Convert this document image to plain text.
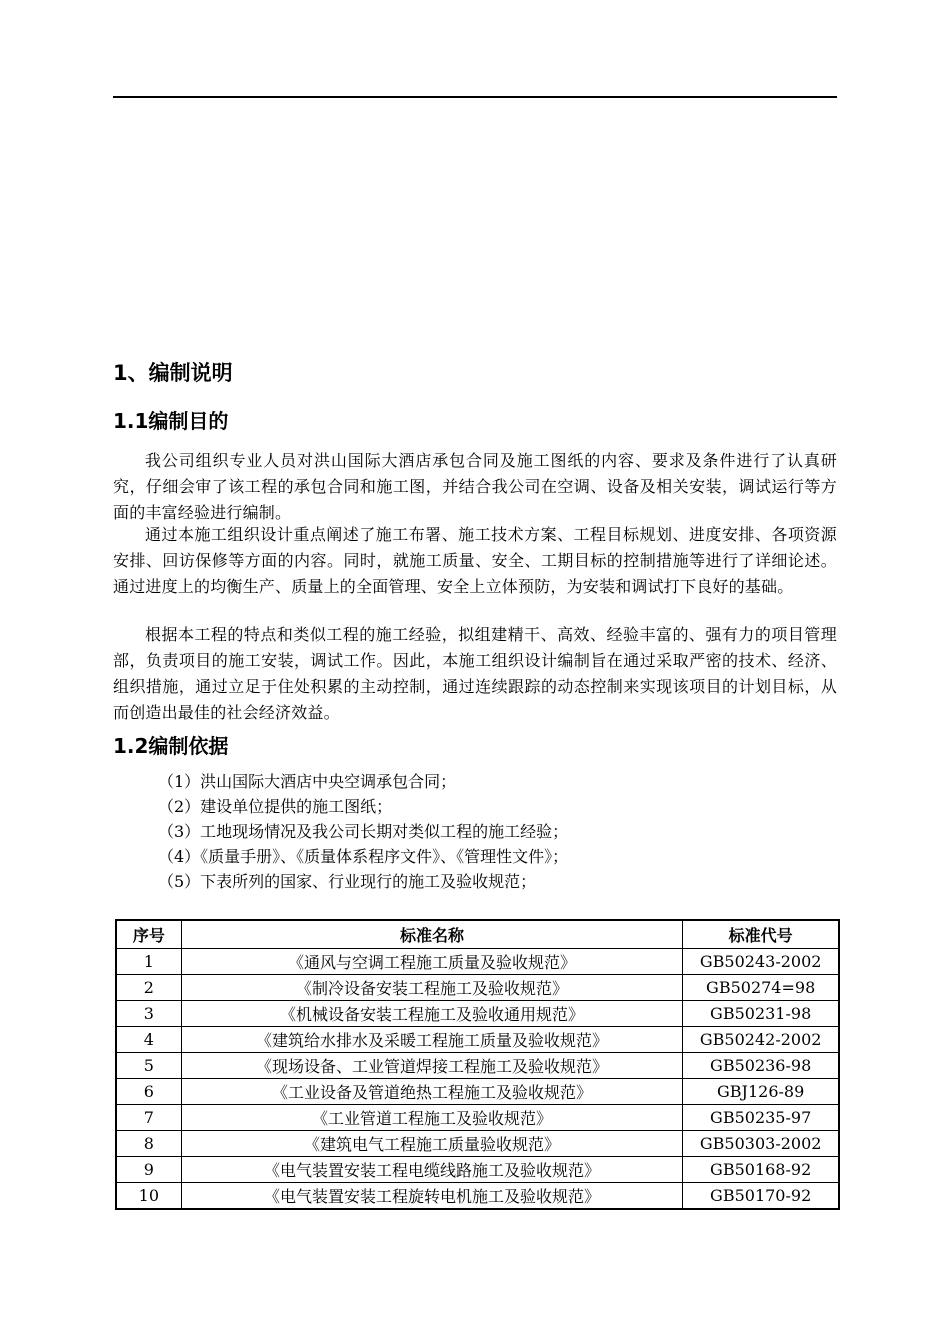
1、编制说明
1.1编制目的

我公司组织专业人员对洪山国际大酒店承包合同及施工图纸的内容、要求及条件进行了认真研究，仔细会审了该工程的承包合同和施工图，并结合我公司在空调、设备及相关安装，调试运行等方面的丰富经验进行编制。

通过本施工组织设计重点阐述了施工布署、施工技术方案、工程目标规划、进度安排、各项资源安排、回访保修等方面的内容。同时，就施工质量、安全、工期目标的控制措施等进行了详细论述。通过进度上的均衡生产、质量上的全面管理、安全上立体预防，为安装和调试打下良好的基础。

根据本工程的特点和类似工程的施工经验，拟组建精干、高效、经验丰富的、强有力的项目管理部，负责项目的施工安装，调试工作。因此，本施工组织设计编制旨在通过采取严密的技术、经济、组织措施，通过立足于住处积累的主动控制，通过连续跟踪的动态控制来实现该项目的计划目标，从而创造出最佳的社会经济效益。

1.2编制依据
（1）洪山国际大酒店中央空调承包合同；
（2）建设单位提供的施工图纸；
（3）工地现场情况及我公司长期对类似工程的施工经验；
（4）《质量手册》、《质量体系程序文件》、《管理性文件》；
（5）下表所列的国家、行业现行的施工及验收规范；
序号	标准名称	标准代号
1	《通风与空调工程施工质量及验收规范》	GB50243-2002
2	《制冷设备安装工程施工及验收规范》	GB50274=98
3	《机械设备安装工程施工及验收通用规范》	GB50231-98
4	《建筑给水排水及采暖工程施工质量及验收规范》	GB50242-2002
5	《现场设备、工业管道焊接工程施工及验收规范》	GB50236-98
6	《工业设备及管道绝热工程施工及验收规范》	GBJ126-89
7	《工业管道工程施工及验收规范》	GB50235-97
8	《建筑电气工程施工质量验收规范》	GB50303-2002
9	《电气装置安装工程电缆线路施工及验收规范》	GB50168-92
10	《电气装置安装工程旋转电机施工及验收规范》	GB50170-92
